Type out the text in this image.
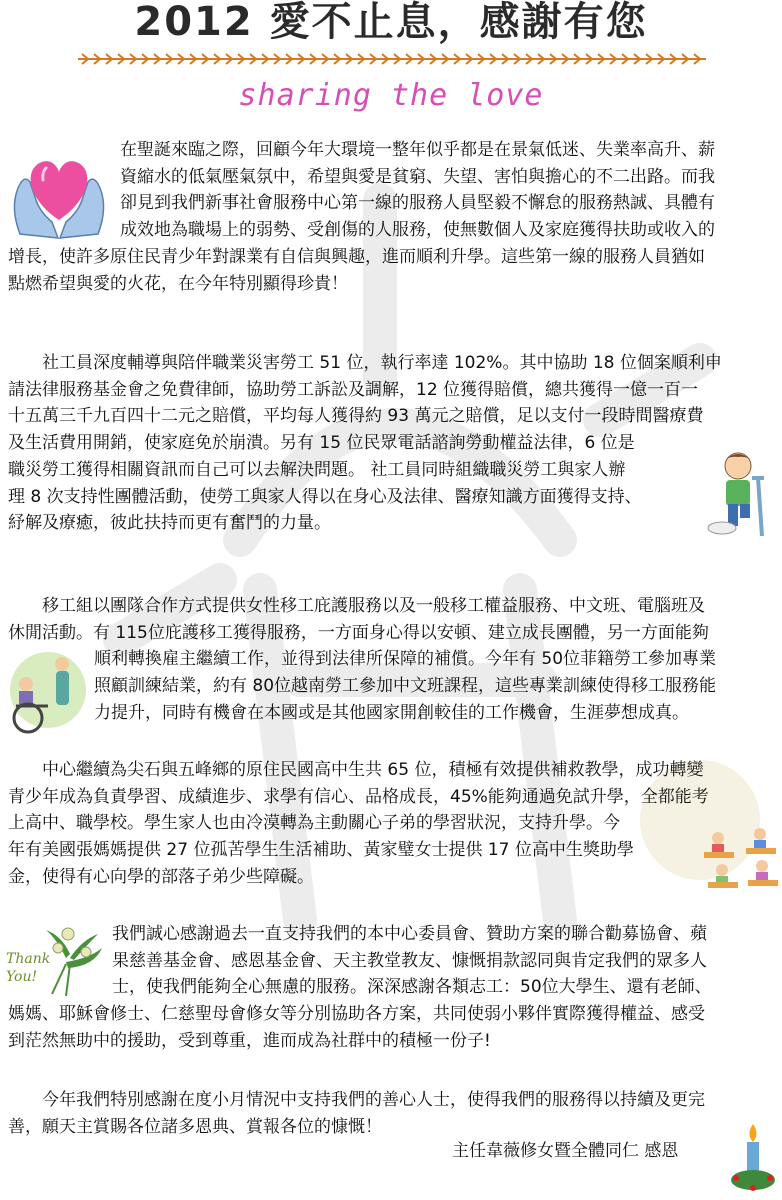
2012 愛不止息，感謝有您
sharing the love
在聖誕來臨之際，回顧今年大環境一整年似乎都是在景氣低迷、失業率高升、薪
資縮水的低氣壓氣氛中，希望與愛是貧窮、失望、害怕與擔心的不二出路。而我
卻見到我們新事社會服務中心第一線的服務人員堅毅不懈怠的服務熱誠、具體有
成效地為職場上的弱勢、受創傷的人服務，使無數個人及家庭獲得扶助或收入的
增長，使許多原住民青少年對課業有自信與興趣，進而順利升學。這些第一線的服務人員猶如
點燃希望與愛的火花，在今年特別顯得珍貴！
社工員深度輔導與陪伴職業災害勞工 51 位，執行率達 102%。其中協助 18 位個案順利申
請法律服務基金會之免費律師，協助勞工訴訟及調解，12 位獲得賠償，總共獲得一億一百一
十五萬三千九百四十二元之賠償，平均每人獲得約 93 萬元之賠償，足以支付一段時間醫療費
及生活費用開銷，使家庭免於崩潰。另有 15 位民眾電話諮詢勞動權益法律，6 位是
職災勞工獲得相關資訊而自己可以去解決問題。 社工員同時組織職災勞工與家人辦
理 8 次支持性團體活動，使勞工與家人得以在身心及法律、醫療知識方面獲得支持、
紓解及療癒，彼此扶持而更有奮鬥的力量。
移工組以團隊合作方式提供女性移工庇護服務以及一般移工權益服務、中文班、電腦班及
休閒活動。有 115位庇護移工獲得服務，一方面身心得以安頓、建立成長團體，另一方面能夠
順利轉換雇主繼續工作，並得到法律所保障的補償。今年有 50位菲籍勞工參加專業
照顧訓練結業，約有 80位越南勞工參加中文班課程，這些專業訓練使得移工服務能
力提升，同時有機會在本國或是其他國家開創較佳的工作機會，生涯夢想成真。
中心繼續為尖石與五峰鄉的原住民國高中生共 65 位，積極有效提供補救教學，成功轉變
青少年成為負責學習、成績進步、求學有信心、品格成長，45%能夠通過免試升學，全都能考
上高中、職學校。學生家人也由冷漠轉為主動關心子弟的學習狀況，支持升學。今
年有美國張媽媽提供 27 位孤苦學生生活補助、黃家璧女士提供 17 位高中生獎助學
金，使得有心向學的部落子弟少些障礙。
我們誠心感謝過去一直支持我們的本中心委員會、贊助方案的聯合勸募協會、蘋
果慈善基金會、感恩基金會、天主教堂教友、慷慨捐款認同與肯定我們的眾多人
士，使我們能夠全心無慮的服務。深深感謝各類志工：50位大學生、還有老師、
媽媽、耶穌會修士、仁慈聖母會修女等分別協助各方案，共同使弱小夥伴實際獲得權益、感受
到茫然無助中的援助，受到尊重，進而成為社群中的積極一份子!
今年我們特別感謝在度小月情況中支持我們的善心人士，使得我們的服務得以持續及更完
善，願天主賞賜各位諸多恩典、賞報各位的慷慨！
主任韋薇修女暨全體同仁 感恩
Thank You!
